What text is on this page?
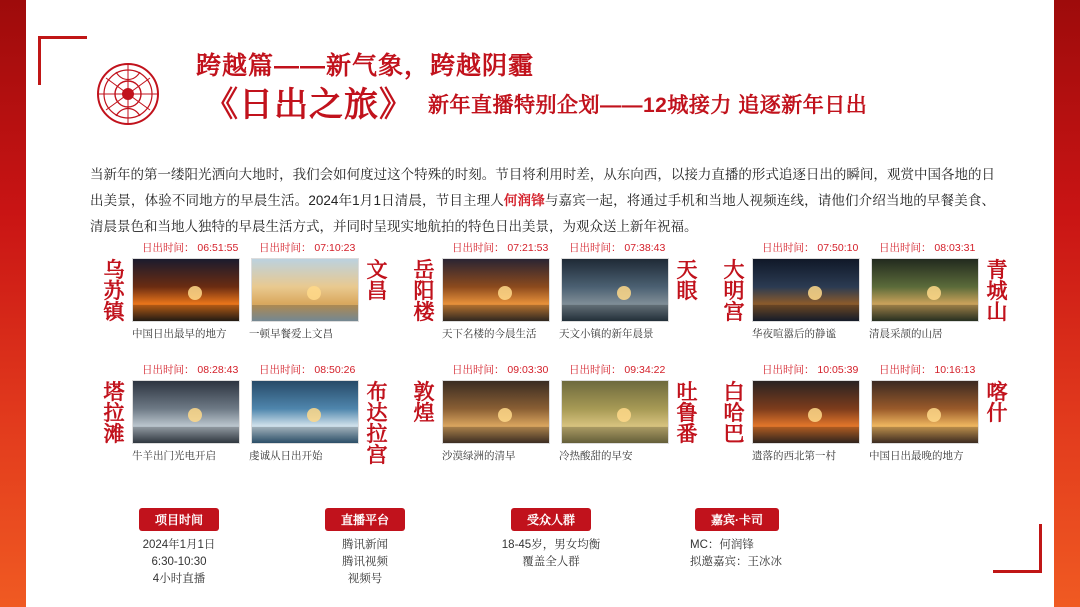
跨越篇——新气象，跨越阴霾
《日出之旅》 新年直播特别企划——12城接力 追逐新年日出
当新年的第一缕阳光洒向大地时，我们会如何度过这个特殊的时刻。节目将利用时差，从东向西，以接力直播的形式追逐日出的瞬间，观赏中国各地的日出美景，体验不同地方的早晨生活。2024年1月1日清晨，节目主理人何润锋与嘉宾一起，将通过手机和当地人视频连线，请他们介绍当地的早餐美食、清晨景色和当地人独特的早晨生活方式，并同时呈现实地航拍的特色日出美景，为观众送上新年祝福。
日出时间： 06:51:55
乌
苏
镇
中国日出最早的地方
日出时间： 07:10:23
文
昌
一顿早餐爱上文昌
日出时间： 07:21:53
岳
阳
楼
天下名楼的今晨生活
日出时间： 07:38:43
天
眼
天文小镇的新年晨景
日出时间： 07:50:10
大
明
宫
华夜喧嚣后的静谧
日出时间： 08:03:31
青
城
山
清晨采颉的山居
日出时间： 08:28:43
塔
拉
滩
牛羊出门光电开启
日出时间： 08:50:26
布
达
拉
宫
虔诚从日出开始
日出时间： 09:03:30
敦
煌
沙漠绿洲的清早
日出时间： 09:34:22
吐
鲁
番
冷热酸甜的早安
日出时间： 10:05:39
白
哈
巴
遗落的西北第一村
日出时间： 10:16:13
喀
什
中国日出最晚的地方
项目时间
2024年1月1日
6:30-10:30
4小时直播
直播平台
腾讯新闻
腾讯视频
视频号
受众人群
18-45岁，男女均衡
覆盖全人群
嘉宾·卡司
MC：何润锋
拟邀嘉宾：王冰冰
